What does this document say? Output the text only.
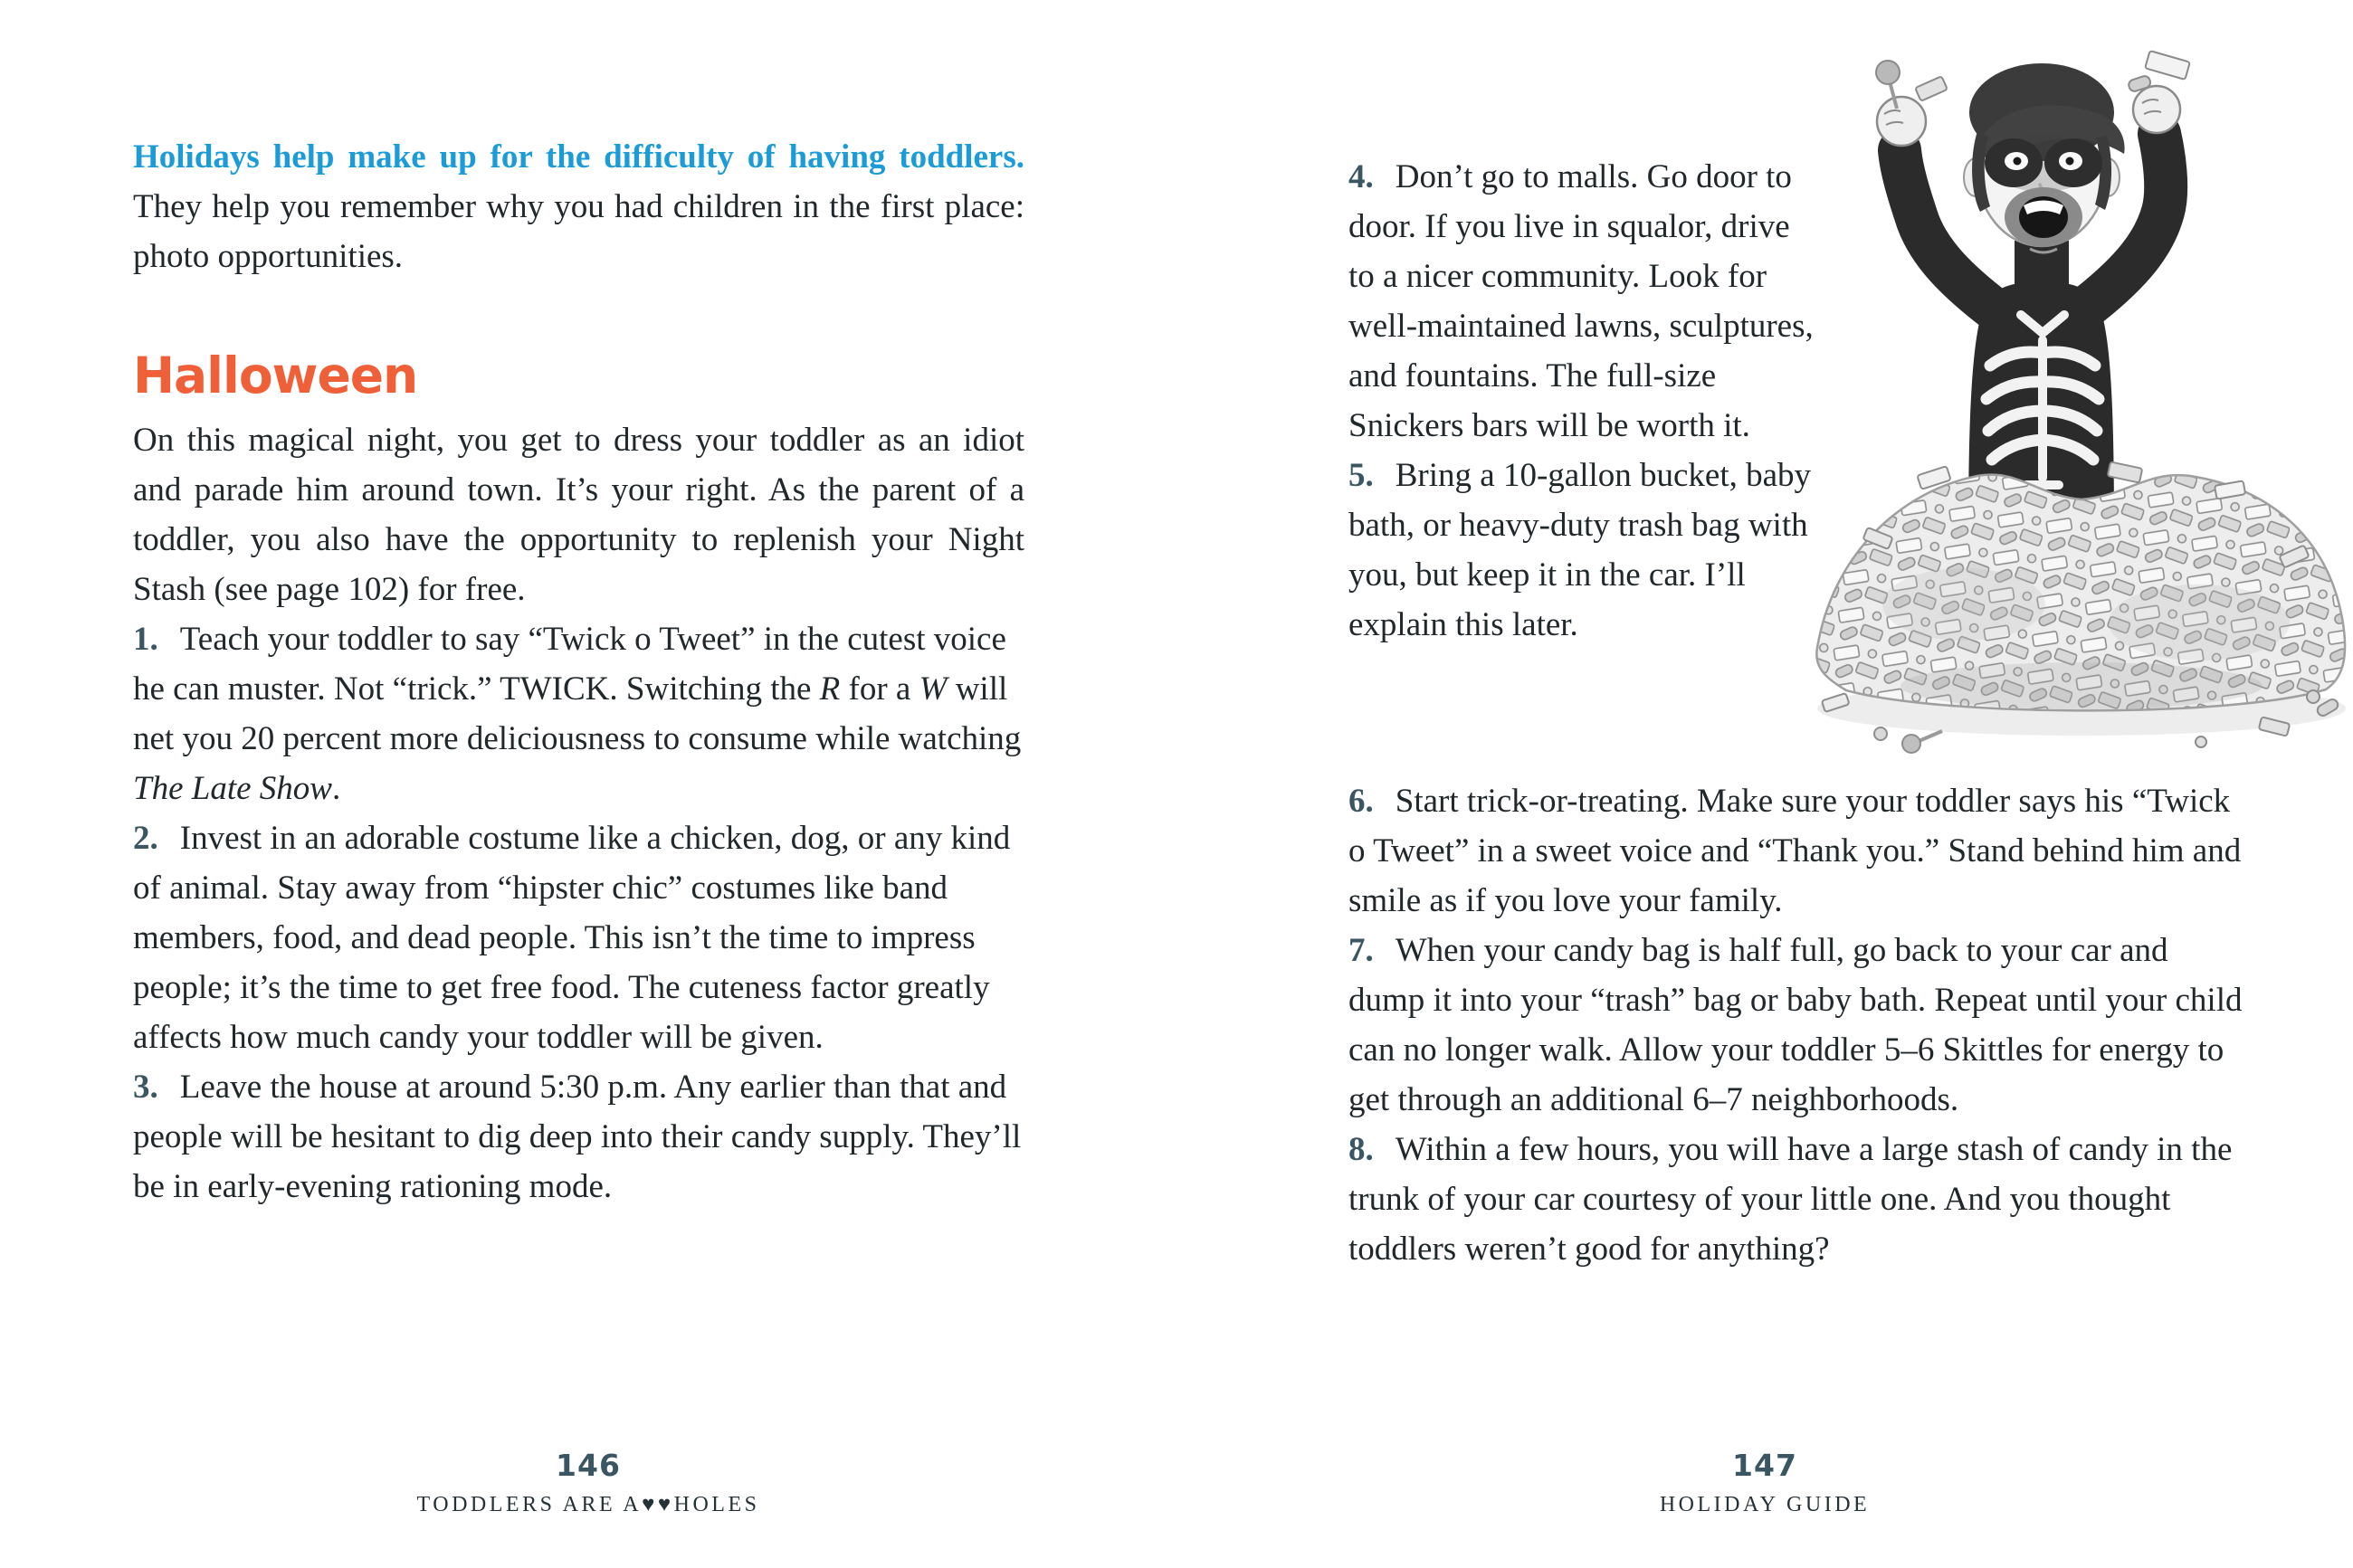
Holidays help make up for the difficulty of having toddlers. They help you remember why you had children in the first place: photo opportunities.

Halloween

On this magical night, you get to dress your toddler as an idiot and parade him around town. It’s your right. As the parent of a toddler, you also have the opportunity to replenish your Night Stash (see page 102) for free.

1. Teach your toddler to say “Twick o Tweet” in the cutest voice he can muster. Not “trick.” TWICK. Switching the R for a W will net you 20 percent more deliciousness to consume while watching The Late Show.

2. Invest in an adorable costume like a chicken, dog, or any kind of animal. Stay away from “hipster chic” costumes like band members, food, and dead people. This isn’t the time to impress people; it’s the time to get free food. The cuteness factor greatly affects how much candy your toddler will be given.

3. Leave the house at around 5:30 p.m. Any earlier than that and people will be hesitant to dig deep into their candy supply. They’ll be in early-evening rationing mode.

4. Don’t go to malls. Go door to door. If you live in squalor, drive to a nicer community. Look for well-maintained lawns, sculptures, and fountains. The full-size Snickers bars will be worth it.

5. Bring a 10-gallon bucket, baby bath, or heavy-duty trash bag with you, but keep it in the car. I’ll explain this later.

6. Start trick-or-treating. Make sure your toddler says his “Twick o Tweet” in a sweet voice and “Thank you.” Stand behind him and smile as if you love your family.

7. When your candy bag is half full, go back to your car and dump it into your “trash” bag or baby bath. Repeat until your child can no longer walk. Allow your toddler 5–6 Skittles for energy to get through an additional 6–7 neighborhoods.

8. Within a few hours, you will have a large stash of candy in the trunk of your car courtesy of your little one. And you thought toddlers weren’t good for anything?

146
TODDLERS ARE A♥♥HOLES
147
HOLIDAY GUIDE
